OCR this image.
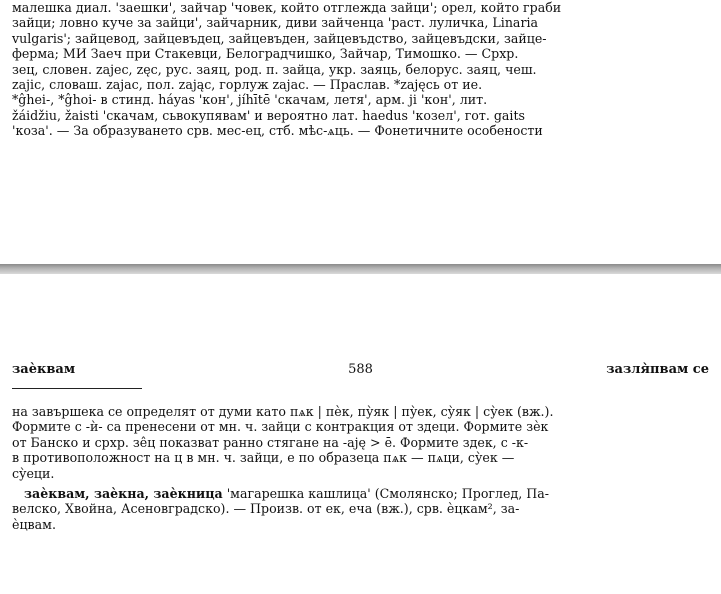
малешка диал. 'заешки', зайчар 'човек, който отглежда зайци'; орел, който граби

зайци; ловно куче за зайци', зайчарник, диви зайченца 'раст. луличка, Linaria

vulgaris'; зайцевод, зайцевъдец, зайцевъден, зайцевъдство, зайцевъдски, зайце-

ферма; МИ Заеч при Стакевци, Белоградчишко, Зайчар, Тимошко. — Срхр.

зец, словен. zajec, zęc, рус. заяц, род. п. зайца, укр. заяць, белорус. заяц, чеш.

zajic, словаш. zajac, пол. zając, горлуж zajac. — Праслав. *zajęсь от ие.

*ĝhei-, *ĝhoi- в стинд. háyas 'кон', jíhītē 'скачам, летя', арм. ji 'кон', лит.

žáidžiu, žaisti 'скачам, сьвокупявам' и вероятно лат. haedus 'козел', гот. gaits

'коза'. — За образуването срв. мес-ец, стб. мѣс-ѧць. — Фонетичните особености

заѐквам	588	зазля̀пвам се

на завършека се определят от думи като пѧк | пѐк, пу̀як | пу̀ек, су̀як | су̀ек (вж.).

Формите с -ѝ- са пренесени от мн. ч. зайци с контракция от здеци. Формите зѐк

от Банско и срхр. зе̂ц показват ранно стягане на -aję > ē. Формите здек, с -к-

в противоположност на ц в мн. ч. зайци, е по образеца пѧк — пѧци, су̀ек —

су̀еци.

заѐквам, заѐкна, заѐкница 'магарешка кашлица' (Смолянско; Проглед, Па-

велско, Хвойна, Асеновградско). — Произв. от ек, еча (вж.), срв. ѐцкам², за-

ѐцвам.
